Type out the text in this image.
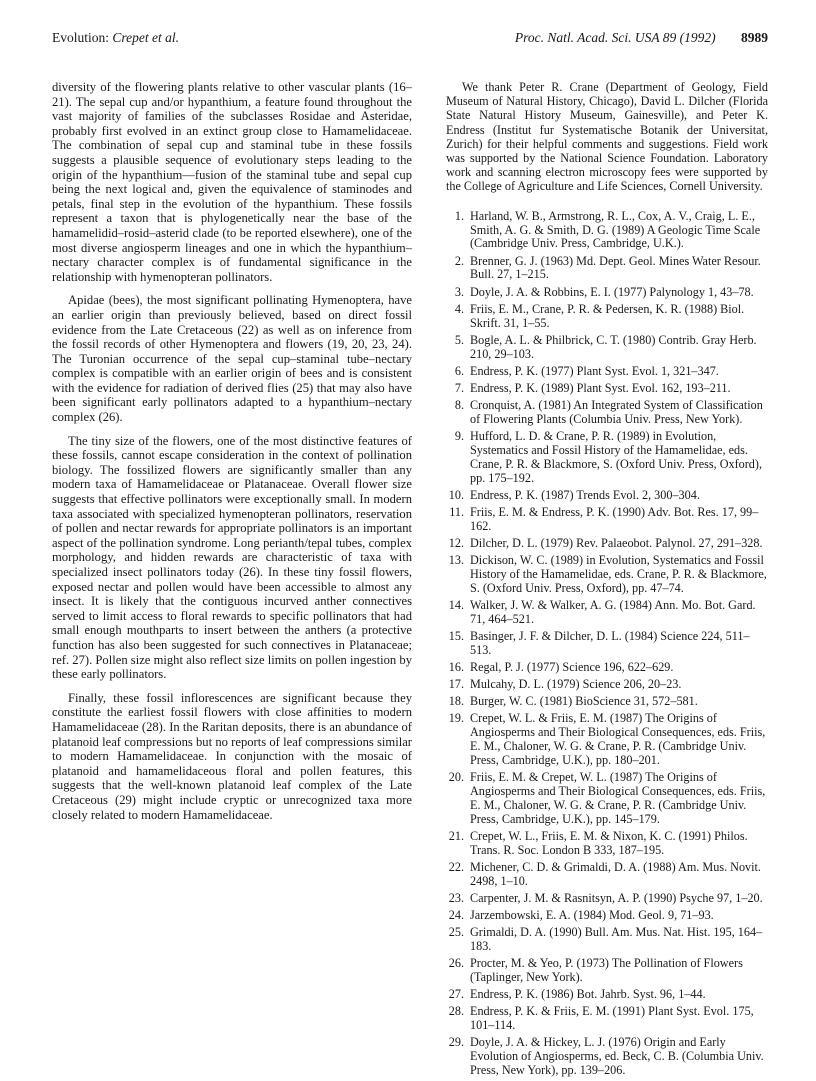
Evolution: Crepet et al.	Proc. Natl. Acad. Sci. USA 89 (1992) 8989

diversity of the flowering plants relative to other vascular plants (16–21). The sepal cup and/or hypanthium, a feature found throughout the vast majority of families of the subclasses Rosidae and Asteridae, probably first evolved in an extinct group close to Hamamelidaceae. The combination of sepal cup and staminal tube in these fossils suggests a plausible sequence of evolutionary steps leading to the origin of the hypanthium—fusion of the staminal tube and sepal cup being the next logical and, given the equivalence of staminodes and petals, final step in the evolution of the hypanthium. These fossils represent a taxon that is phylogenetically near the base of the hamamelidid–rosid–asterid clade (to be reported elsewhere), one of the most diverse angiosperm lineages and one in which the hypanthium–nectary character complex is of fundamental significance in the relationship with hymenopteran pollinators.

Apidae (bees), the most significant pollinating Hymenoptera, have an earlier origin than previously believed, based on direct fossil evidence from the Late Cretaceous (22) as well as on inference from the fossil records of other Hymenoptera and flowers (19, 20, 23, 24). The Turonian occurrence of the sepal cup–staminal tube–nectary complex is compatible with an earlier origin of bees and is consistent with the evidence for radiation of derived flies (25) that may also have been significant early pollinators adapted to a hypanthium–nectary complex (26).

The tiny size of the flowers, one of the most distinctive features of these fossils, cannot escape consideration in the context of pollination biology. The fossilized flowers are significantly smaller than any modern taxa of Hamamelidaceae or Platanaceae. Overall flower size suggests that effective pollinators were exceptionally small. In modern taxa associated with specialized hymenopteran pollinators, reservation of pollen and nectar rewards for appropriate pollinators is an important aspect of the pollination syndrome. Long perianth/tepal tubes, complex morphology, and hidden rewards are characteristic of taxa with specialized insect pollinators today (26). In these tiny fossil flowers, exposed nectar and pollen would have been accessible to almost any insect. It is likely that the contiguous incurved anther connectives served to limit access to floral rewards to specific pollinators that had small enough mouthparts to insert between the anthers (a protective function has also been suggested for such connectives in Platanaceae; ref. 27). Pollen size might also reflect size limits on pollen ingestion by these early pollinators.

Finally, these fossil inflorescences are significant because they constitute the earliest fossil flowers with close affinities to modern Hamamelidaceae (28). In the Raritan deposits, there is an abundance of platanoid leaf compressions but no reports of leaf compressions similar to modern Hamamelidaceae. In conjunction with the mosaic of platanoid and hamamelidaceous floral and pollen features, this suggests that the well-known platanoid leaf complex of the Late Cretaceous (29) might include cryptic or unrecognized taxa more closely related to modern Hamamelidaceae.

We thank Peter R. Crane (Department of Geology, Field Museum of Natural History, Chicago), David L. Dilcher (Florida State Natural History Museum, Gainesville), and Peter K. Endress (Institut fur Systematische Botanik der Universitat, Zurich) for their helpful comments and suggestions. Field work was supported by the National Science Foundation. Laboratory work and scanning electron microscopy fees were supported by the College of Agriculture and Life Sciences, Cornell University.

1. Harland, W. B., Armstrong, R. L., Cox, A. V., Craig, L. E., Smith, A. G. & Smith, D. G. (1989) A Geologic Time Scale (Cambridge Univ. Press, Cambridge, U.K.).
2. Brenner, G. J. (1963) Md. Dept. Geol. Mines Water Resour. Bull. 27, 1–215.
3. Doyle, J. A. & Robbins, E. I. (1977) Palynology 1, 43–78.
4. Friis, E. M., Crane, P. R. & Pedersen, K. R. (1988) Biol. Skrift. 31, 1–55.
5. Bogle, A. L. & Philbrick, C. T. (1980) Contrib. Gray Herb. 210, 29–103.
6. Endress, P. K. (1977) Plant Syst. Evol. 1, 321–347.
7. Endress, P. K. (1989) Plant Syst. Evol. 162, 193–211.
8. Cronquist, A. (1981) An Integrated System of Classification of Flowering Plants (Columbia Univ. Press, New York).
9. Hufford, L. D. & Crane, P. R. (1989) in Evolution, Systematics and Fossil History of the Hamamelidae, eds. Crane, P. R. & Blackmore, S. (Oxford Univ. Press, Oxford), pp. 175–192.
10. Endress, P. K. (1987) Trends Evol. 2, 300–304.
11. Friis, E. M. & Endress, P. K. (1990) Adv. Bot. Res. 17, 99–162.
12. Dilcher, D. L. (1979) Rev. Palaeobot. Palynol. 27, 291–328.
13. Dickison, W. C. (1989) in Evolution, Systematics and Fossil History of the Hamamelidae, eds. Crane, P. R. & Blackmore, S. (Oxford Univ. Press, Oxford), pp. 47–74.
14. Walker, J. W. & Walker, A. G. (1984) Ann. Mo. Bot. Gard. 71, 464–521.
15. Basinger, J. F. & Dilcher, D. L. (1984) Science 224, 511–513.
16. Regal, P. J. (1977) Science 196, 622–629.
17. Mulcahy, D. L. (1979) Science 206, 20–23.
18. Burger, W. C. (1981) BioScience 31, 572–581.
19. Crepet, W. L. & Friis, E. M. (1987) The Origins of Angiosperms and Their Biological Consequences, eds. Friis, E. M., Chaloner, W. G. & Crane, P. R. (Cambridge Univ. Press, Cambridge, U.K.), pp. 180–201.
20. Friis, E. M. & Crepet, W. L. (1987) The Origins of Angiosperms and Their Biological Consequences, eds. Friis, E. M., Chaloner, W. G. & Crane, P. R. (Cambridge Univ. Press, Cambridge, U.K.), pp. 145–179.
21. Crepet, W. L., Friis, E. M. & Nixon, K. C. (1991) Philos. Trans. R. Soc. London B 333, 187–195.
22. Michener, C. D. & Grimaldi, D. A. (1988) Am. Mus. Novit. 2498, 1–10.
23. Carpenter, J. M. & Rasnitsyn, A. P. (1990) Psyche 97, 1–20.
24. Jarzembowski, E. A. (1984) Mod. Geol. 9, 71–93.
25. Grimaldi, D. A. (1990) Bull. Am. Mus. Nat. Hist. 195, 164–183.
26. Procter, M. & Yeo, P. (1973) The Pollination of Flowers (Taplinger, New York).
27. Endress, P. K. (1986) Bot. Jahrb. Syst. 96, 1–44.
28. Endress, P. K. & Friis, E. M. (1991) Plant Syst. Evol. 175, 101–114.
29. Doyle, J. A. & Hickey, L. J. (1976) Origin and Early Evolution of Angiosperms, ed. Beck, C. B. (Columbia Univ. Press, New York), pp. 139–206.
